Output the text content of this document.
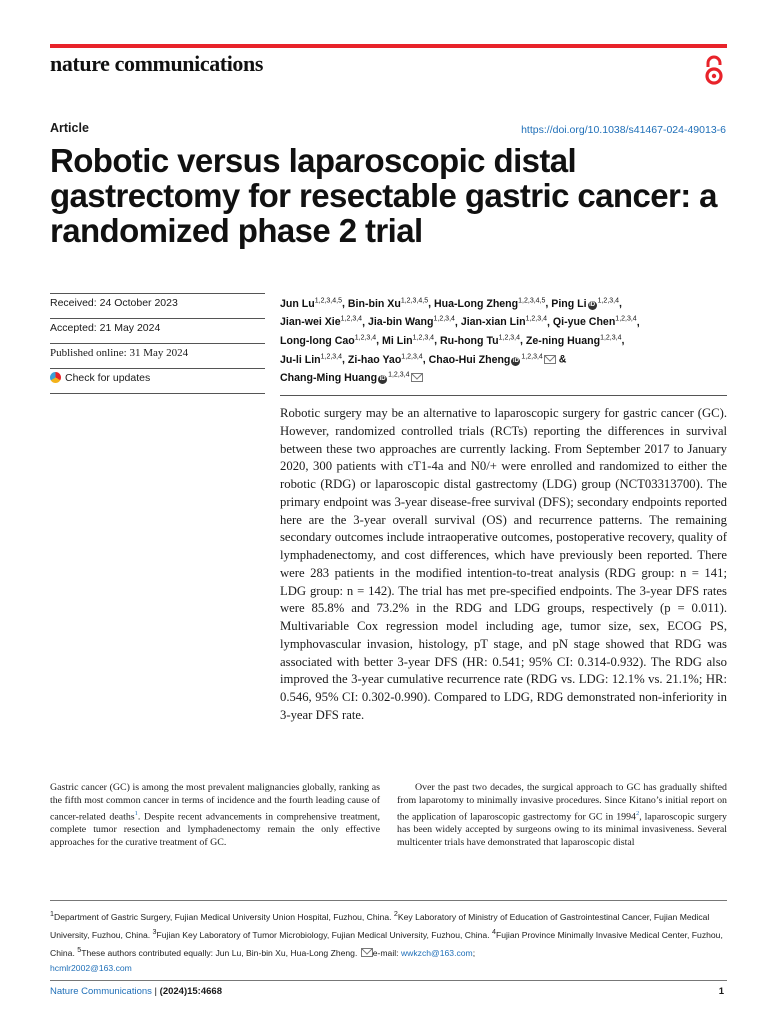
nature communications
Article	https://doi.org/10.1038/s41467-024-49013-6
Robotic versus laparoscopic distal gastrectomy for resectable gastric cancer: a randomized phase 2 trial
Received: 24 October 2023
Accepted: 21 May 2024
Published online: 31 May 2024
Check for updates
Jun Lu$^{1,2,3,4,5}$, Bin-bin Xu$^{1,2,3,4,5}$, Hua-Long Zheng$^{1,2,3,4,5}$, Ping Li iD$^{1,2,3,4}$,
Jian-wei Xie$^{1,2,3,4}$, Jia-bin Wang$^{1,2,3,4}$, Jian-xian Lin$^{1,2,3,4}$, Qi-yue Chen$^{1,2,3,4}$,
Long-long Cao$^{1,2,3,4}$, Mi Lin$^{1,2,3,4}$, Ru-hong Tu$^{1,2,3,4}$, Ze-ning Huang$^{1,2,3,4}$,
Ju-li Lin$^{1,2,3,4}$, Zi-hao Yao$^{1,2,3,4}$, Chao-Hui Zheng iD$^{1,2,3,4}$ &
Chang-Ming Huang iD$^{1,2,3,4}$

Robotic surgery may be an alternative to laparoscopic surgery for gastric cancer (GC). However, randomized controlled trials (RCTs) reporting the differences in survival between these two approaches are currently lacking. From September 2017 to January 2020, 300 patients with cT1-4a and N0/+ were enrolled and randomized to either the robotic (RDG) or laparoscopic distal gastrectomy (LDG) group (NCT03313700). The primary endpoint was 3-year disease-free survival (DFS); secondary endpoints reported here are the 3-year overall survival (OS) and recurrence patterns. The remaining secondary outcomes include intraoperative outcomes, postoperative recovery, quality of lymphadenectomy, and cost differences, which have previously been reported. There were 283 patients in the modified intention-to-treat analysis (RDG group: n = 141; LDG group: n = 142). The trial has met pre-specified endpoints. The 3-year DFS rates were 85.8% and 73.2% in the RDG and LDG groups, respectively (p = 0.011). Multivariable Cox regression model including age, tumor size, sex, ECOG PS, lymphovascular invasion, histology, pT stage, and pN stage showed that RDG was associated with better 3-year DFS (HR: 0.541; 95% CI: 0.314-0.932). The RDG also improved the 3-year cumulative recurrence rate (RDG vs. LDG: 12.1% vs. 21.1%; HR: 0.546, 95% CI: 0.302-0.990). Compared to LDG, RDG demonstrated non-inferiority in 3-year DFS rate.

Gastric cancer (GC) is among the most prevalent malignancies globally, ranking as the fifth most common cancer in terms of incidence and the fourth leading cause of cancer-related deaths$^1$. Despite recent advancements in comprehensive treatment, complete tumor resection and lymphadenectomy remain the only effective approaches for the curative treatment of GC.

Over the past two decades, the surgical approach to GC has gradually shifted from laparotomy to minimally invasive procedures. Since Kitano’s initial report on the application of laparoscopic gastrectomy for GC in 1994$^2$, laparoscopic surgery has been widely accepted by surgeons owing to its minimal invasiveness. Several multicenter trials have demonstrated that laparoscopic distal

$^1$Department of Gastric Surgery, Fujian Medical University Union Hospital, Fuzhou, China. $^2$Key Laboratory of Ministry of Education of Gastrointestinal Cancer, Fujian Medical University, Fuzhou, China. $^3$Fujian Key Laboratory of Tumor Microbiology, Fujian Medical University, Fuzhou, China. $^4$Fujian Province Minimally Invasive Medical Center, Fuzhou, China. $^5$These authors contributed equally: Jun Lu, Bin-bin Xu, Hua-Long Zheng. e-mail: wwkzch@163.com;
hcmlr2002@163.com

Nature Communications | (2024)15:4668	1
